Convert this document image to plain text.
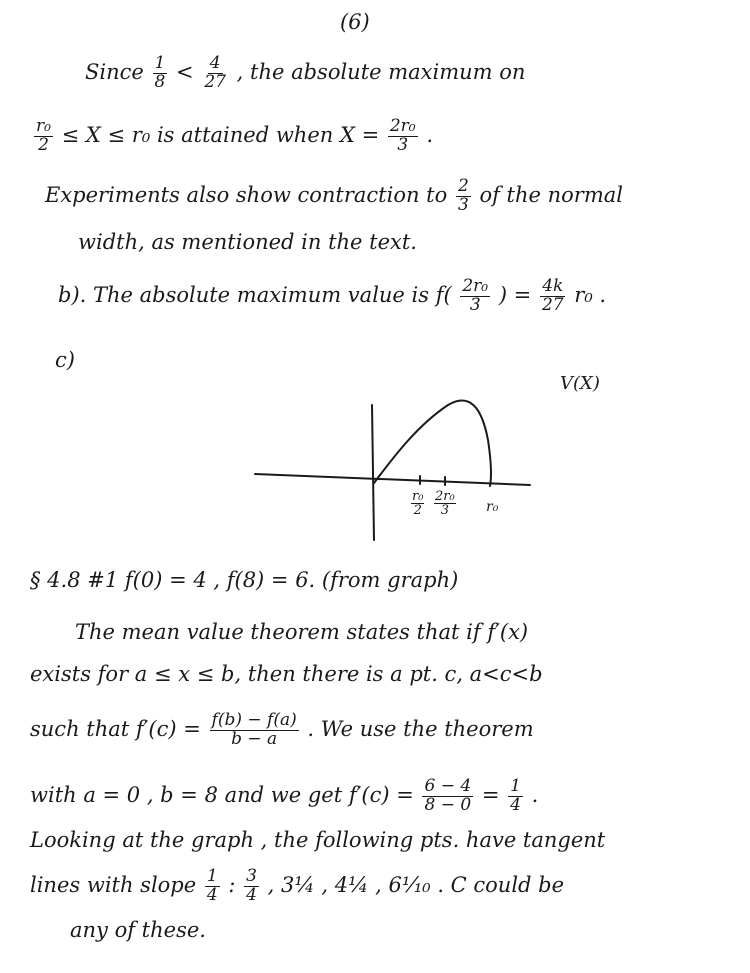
(6)
Since $\frac{1}{8} < \frac{4}{27}$ , the absolute maximum on
$\frac{\text{r₀}}{2} \le X \le r_0$ is attained when $X = \frac{\text{2r₀}}{3}$ .
Experiments also show contraction to $\frac{2}{3}$ of the normal
width, as mentioned in the text.
b). The absolute maximum value is $f( \frac{\text{2r₀}}{3}$ ) = $\frac{4k}{27} r_0$ .
c)
V(X)
r₀
2
2r₀
3	r₀
§ 4.8 #1 f(0) = 4 , f(8) = 6. (from graph)
The mean value theorem states that if f′(x)
exists for a ≤ x ≤ b, then there is a pt. c, a<c<b
such that $f'(c) = \frac{f(b) - f(a)}{b - a}$ . We use the theorem
with a = 0 , b = 8 and we get $f'(c) = \frac{6 - 4}{8 - 0} = \frac{1}{4}$ .
Looking at the graph , the following pts. have tangent
lines with slope $\frac{1}{4}$ : $\frac{3}{4}$ , 3¼ , 4¼ , 6⅒ . C could be
any of these.
